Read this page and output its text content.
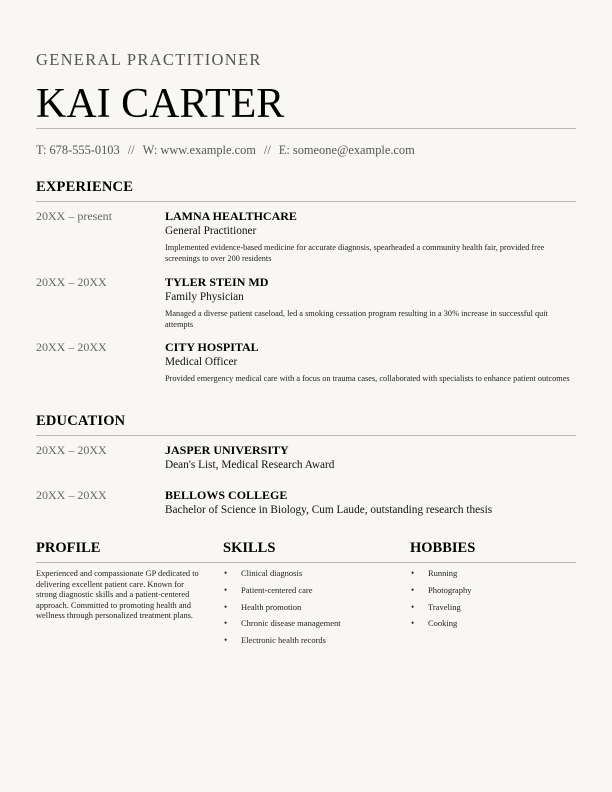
GENERAL PRACTITIONER
KAI CARTER
T: 678-555-0103 // W: www.example.com // E: someone@example.com
EXPERIENCE
20XX – present	LAMNA HEALTHCARE
General Practitioner
Implemented evidence-based medicine for accurate diagnosis, spearheaded a community health fair, provided free screenings to over 200 residents
20XX – 20XX	TYLER STEIN MD
Family Physician
Managed a diverse patient caseload, led a smoking cessation program resulting in a 30% increase in successful quit attempts
20XX – 20XX	CITY HOSPITAL
Medical Officer
Provided emergency medical care with a focus on trauma cases, collaborated with specialists to enhance patient outcomes
EDUCATION
20XX – 20XX	JASPER UNIVERSITY
Dean's List, Medical Research Award
20XX – 20XX	BELLOWS COLLEGE
Bachelor of Science in Biology, Cum Laude, outstanding research thesis
PROFILE
Experienced and compassionate GP dedicated to delivering excellent patient care. Known for strong diagnostic skills and a patient-centered approach. Committed to promoting health and wellness through personalized treatment plans.
SKILLS
• Clinical diagnosis
• Patient-centered care
• Health promotion
• Chronic disease management
• Electronic health records
HOBBIES
• Running
• Photography
• Traveling
• Cooking
